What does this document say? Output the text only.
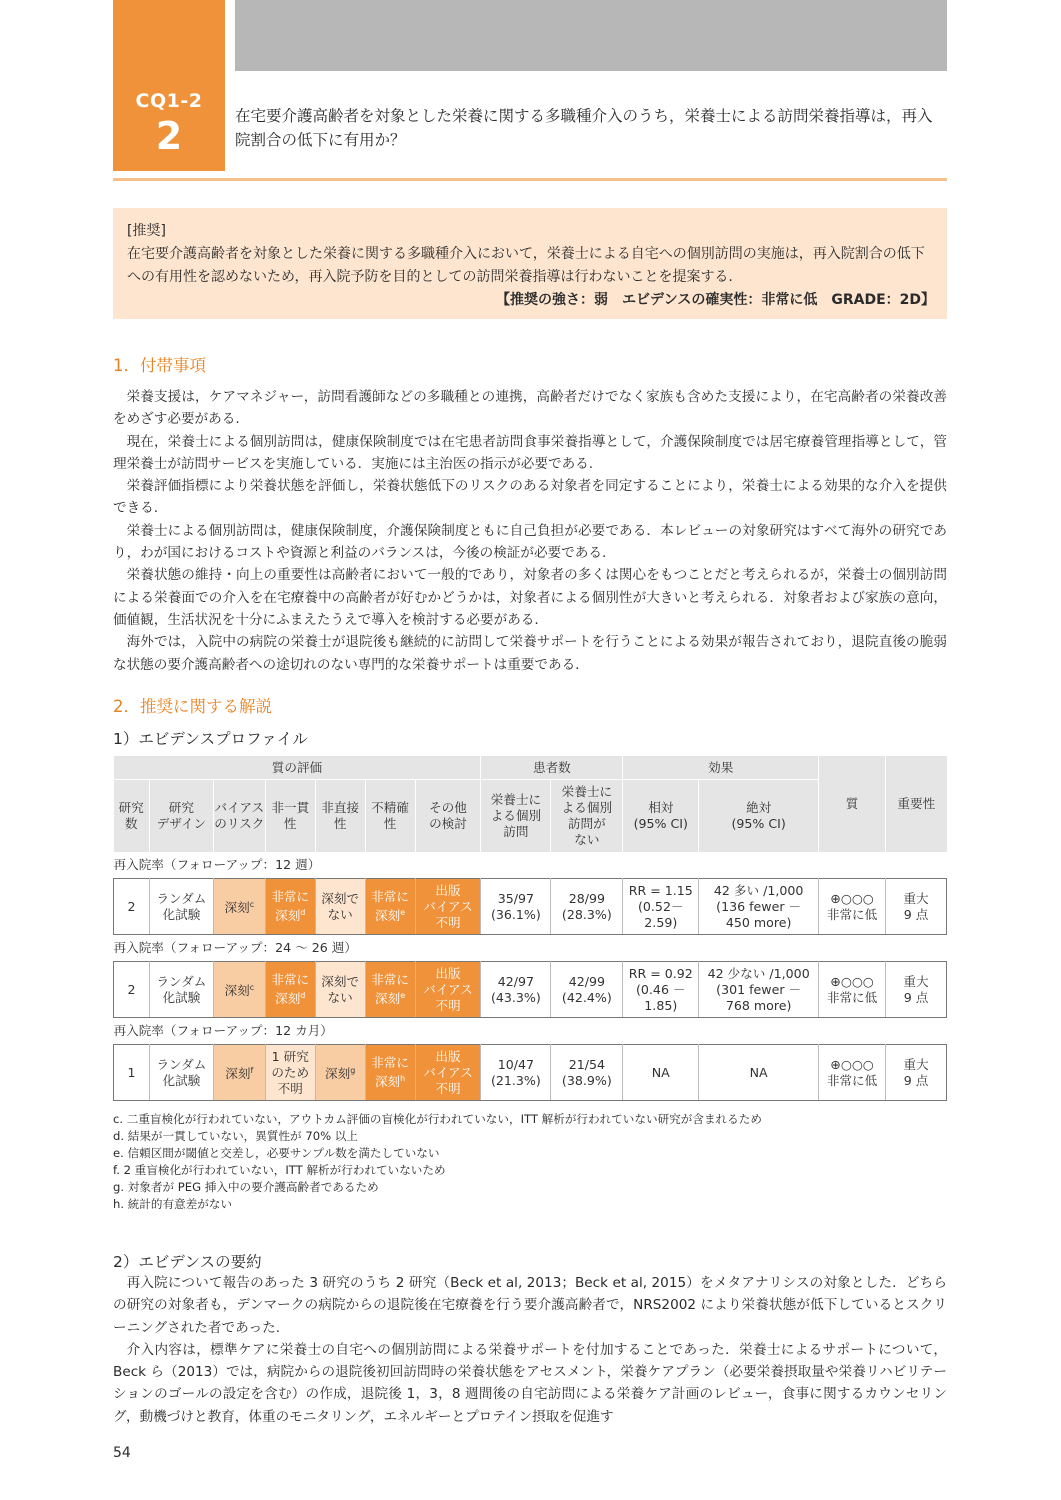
CQ1-2
2	在宅要介護高齢者を対象とした栄養に関する多職種介入のうち，栄養士による訪問栄養指導は，再入院割合の低下に有用か？
[推奨]
在宅要介護高齢者を対象とした栄養に関する多職種介入において，栄養士による自宅への個別訪問の実施は，再入院割合の低下への有用性を認めないため，再入院予防を目的としての訪問栄養指導は行わないことを提案する.
【推奨の強さ：弱　エビデンスの確実性：非常に低　GRADE：2D】
1．付帯事項

栄養支援は，ケアマネジャー，訪問看護師などの多職種との連携，高齢者だけでなく家族も含めた支援により，在宅高齢者の栄養改善をめざす必要がある.

現在，栄養士による個別訪問は，健康保険制度では在宅患者訪問食事栄養指導として，介護保険制度では居宅療養管理指導として，管理栄養士が訪問サービスを実施している．実施には主治医の指示が必要である.

栄養評価指標により栄養状態を評価し，栄養状態低下のリスクのある対象者を同定することにより，栄養士による効果的な介入を提供できる.

栄養士による個別訪問は，健康保険制度，介護保険制度ともに自己負担が必要である．本レビューの対象研究はすべて海外の研究であり，わが国におけるコストや資源と利益のバランスは，今後の検証が必要である.

栄養状態の維持・向上の重要性は高齢者において一般的であり，対象者の多くは関心をもつことだと考えられるが，栄養士の個別訪問による栄養面での介入を在宅療養中の高齢者が好むかどうかは，対象者による個別性が大きいと考えられる．対象者および家族の意向，価値観，生活状況を十分にふまえたうえで導入を検討する必要がある.

海外では，入院中の病院の栄養士が退院後も継続的に訪問して栄養サポートを行うことによる効果が報告されており，退院直後の脆弱な状態の要介護高齢者への途切れのない専門的な栄養サポートは重要である.

2．推奨に関する解説
1）エビデンスプロファイル
質の評価							患者数		効果		質	重要性
研究
数	研究
デザイン	バイアス
のリスク	非一貫
性	非直接
性	不精確
性	その他
の検討	栄養士に
よる個別
訪問	栄養士に
よる個別
訪問が
ない	相対
(95% CI)	絶対
(95% CI)		
再入院率（フォローアップ：12 週）												
2	ランダム
化試験	深刻$^c$	非常に
深刻$^d$	深刻で
ない	非常に
深刻$^e$	出版
バイアス
不明	35/97
(36.1%)	28/99
(28.3%)	RR = 1.15
(0.52－
2.59)	42 多い /1,000
(136 fewer －
450 more)	⊕○○○
非常に低	重大
9 点
再入院率（フォローアップ：24 ～ 26 週）												
2	ランダム
化試験	深刻$^c$	非常に
深刻$^d$	深刻で
ない	非常に
深刻$^e$	出版
バイアス
不明	42/97
(43.3%)	42/99
(42.4%)	RR = 0.92
(0.46 －
1.85)	42 少ない /1,000
(301 fewer －
768 more)	⊕○○○
非常に低	重大
9 点
再入院率（フォローアップ：12 カ月）												
1	ランダム
化試験	深刻$^f$	1 研究
のため
不明	深刻$^g$	非常に
深刻$^h$	出版
バイアス
不明	10/47
(21.3%)	21/54
(38.9%)	NA	NA	⊕○○○
非常に低	重大
9 点
2）エビデンスの要約

再入院について報告のあった 3 研究のうち 2 研究（Beck et al, 2013；Beck et al, 2015）をメタアナリシスの対象とした．どちらの研究の対象者も，デンマークの病院からの退院後在宅療養を行う要介護高齢者で，NRS2002 により栄養状態が低下しているとスクリーニングされた者であった.

介入内容は，標準ケアに栄養士の自宅への個別訪問による栄養サポートを付加することであった．栄養士によるサポートについて，Beck ら（2013）では，病院からの退院後初回訪問時の栄養状態をアセスメント，栄養ケアプラン（必要栄養摂取量や栄養リハビリテーションのゴールの設定を含む）の作成，退院後 1，3，8 週間後の自宅訪問による栄養ケア計画のレビュー，食事に関するカウンセリング，動機づけと教育，体重のモニタリング，エネルギーとプロテイン摂取を促進す

c. 二重盲検化が行われていない，アウトカム評価の盲検化が行われていない，ITT 解析が行われていない研究が含まれるため
d. 結果が一貫していない，異質性が 70% 以上
e. 信頼区間が閾値と交差し，必要サンプル数を満たしていない
f. 2 重盲検化が行われていない，ITT 解析が行われていないため
g. 対象者が PEG 挿入中の要介護高齢者であるため
h. 統計的有意差がない
54
